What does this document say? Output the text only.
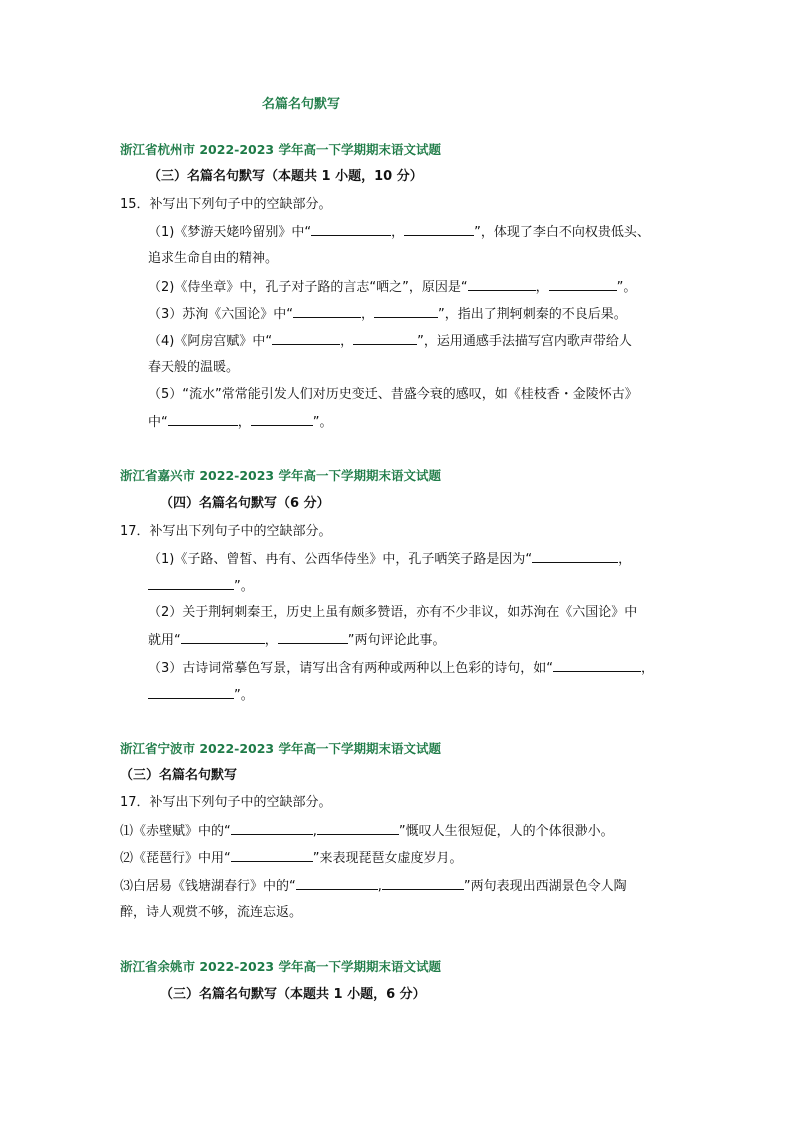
名篇名句默写
浙江省杭州市 2022-2023 学年高一下学期期末语文试题
（三）名篇名句默写（本题共 1 小题，10 分）
15．补写出下列句子中的空缺部分。
（1)《梦游天姥吟留别》中“	，	”，体现了李白不向权贵低头、
追求生命自由的精神。
（2)《侍坐章》中，孔子对子路的言志“哂之”，原因是“	，	”。
（3）苏洵《六国论》中“	，	”，指出了荆轲刺秦的不良后果。
（4)《阿房宫赋》中“	，	”，运用通感手法描写宫内歌声带给人
春天般的温暖。
（5）“流水”常常能引发人们对历史变迁、昔盛今衰的感叹，如《桂枝香・金陵怀古》
中“	，	”。
浙江省嘉兴市 2022-2023 学年高一下学期期末语文试题
（四）名篇名句默写（6 分）
17．补写出下列句子中的空缺部分。
（1)《子路、曾皙、冉有、公西华侍坐》中，孔子哂笑子路是因为“	，
”。
（2）关于荆轲刺秦王，历史上虽有颇多赞语，亦有不少非议，如苏洵在《六国论》中
就用“	，	”两句评论此事。
（3）古诗词常摹色写景，请写出含有两种或两种以上色彩的诗句，如“	，
”。
浙江省宁波市 2022-2023 学年高一下学期期末语文试题
（三）名篇名句默写
17．补写出下列句子中的空缺部分。
⑴《赤壁赋》中的“	,	”慨叹人生很短促，人的个体很渺小。
⑵《琵琶行》中用“	”来表现琵琶女虚度岁月。
⑶白居易《钱塘湖春行》中的“	,	”两句表现出西湖景色令人陶
醉，诗人观赏不够，流连忘返。
浙江省余姚市 2022-2023 学年高一下学期期末语文试题
（三）名篇名句默写（本题共 1 小题，6 分）
